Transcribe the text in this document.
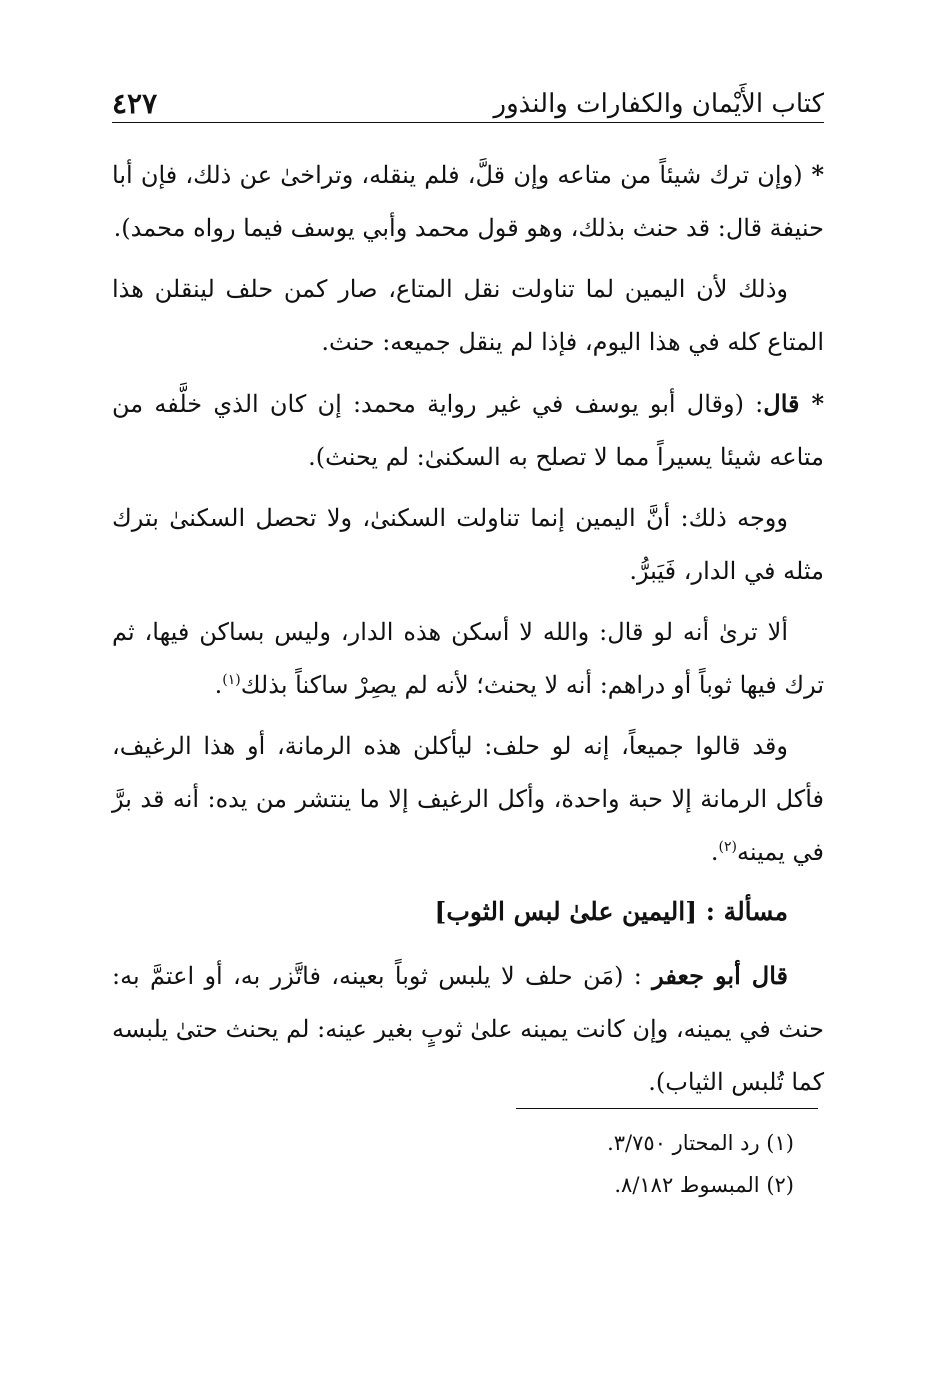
كتاب الأَيْمان والكفارات والنذور
٤٢٧

* (وإن ترك شيئاً من متاعه وإن قلَّ، فلم ينقله، وتراخىٰ عن ذلك، فإن أبا حنيفة قال: قد حنث بذلك، وهو قول محمد وأبي يوسف فيما رواه محمد).

وذلك لأن اليمين لما تناولت نقل المتاع، صار كمن حلف لينقلن هذا المتاع كله في هذا اليوم، فإذا لم ينقل جميعه: حنث.

* قال: (وقال أبو يوسف في غير رواية محمد: إن كان الذي خلَّفه من متاعه شيئا يسيراً مما لا تصلح به السكنىٰ: لم يحنث).

ووجه ذلك: أنَّ اليمين إنما تناولت السكنىٰ، ولا تحصل السكنىٰ بترك مثله في الدار، فَيَبرُّ.

ألا ترىٰ أنه لو قال: والله لا أسكن هذه الدار، وليس بساكن فيها، ثم ترك فيها ثوباً أو دراهم: أنه لا يحنث؛ لأنه لم يصِرْ ساكناً بذلك$^{(١)}$.

وقد قالوا جميعاً، إنه لو حلف: ليأكلن هذه الرمانة، أو هذا الرغيف، فأكل الرمانة إلا حبة واحدة، وأكل الرغيف إلا ما ينتشر من يده: أنه قد برَّ في يمينه$^{(٢)}$.

مسألة : [اليمين علىٰ لبس الثوب]

قال أبو جعفر : (مَن حلف لا يلبس ثوباً بعينه، فاتَّزر به، أو اعتمَّ به: حنث في يمينه، وإن كانت يمينه علىٰ ثوبٍ بغير عينه: لم يحنث حتىٰ يلبسه كما تُلبس الثياب).

(١) رد المحتار ٣/٧٥٠.
(٢) المبسوط ٨/١٨٢.
